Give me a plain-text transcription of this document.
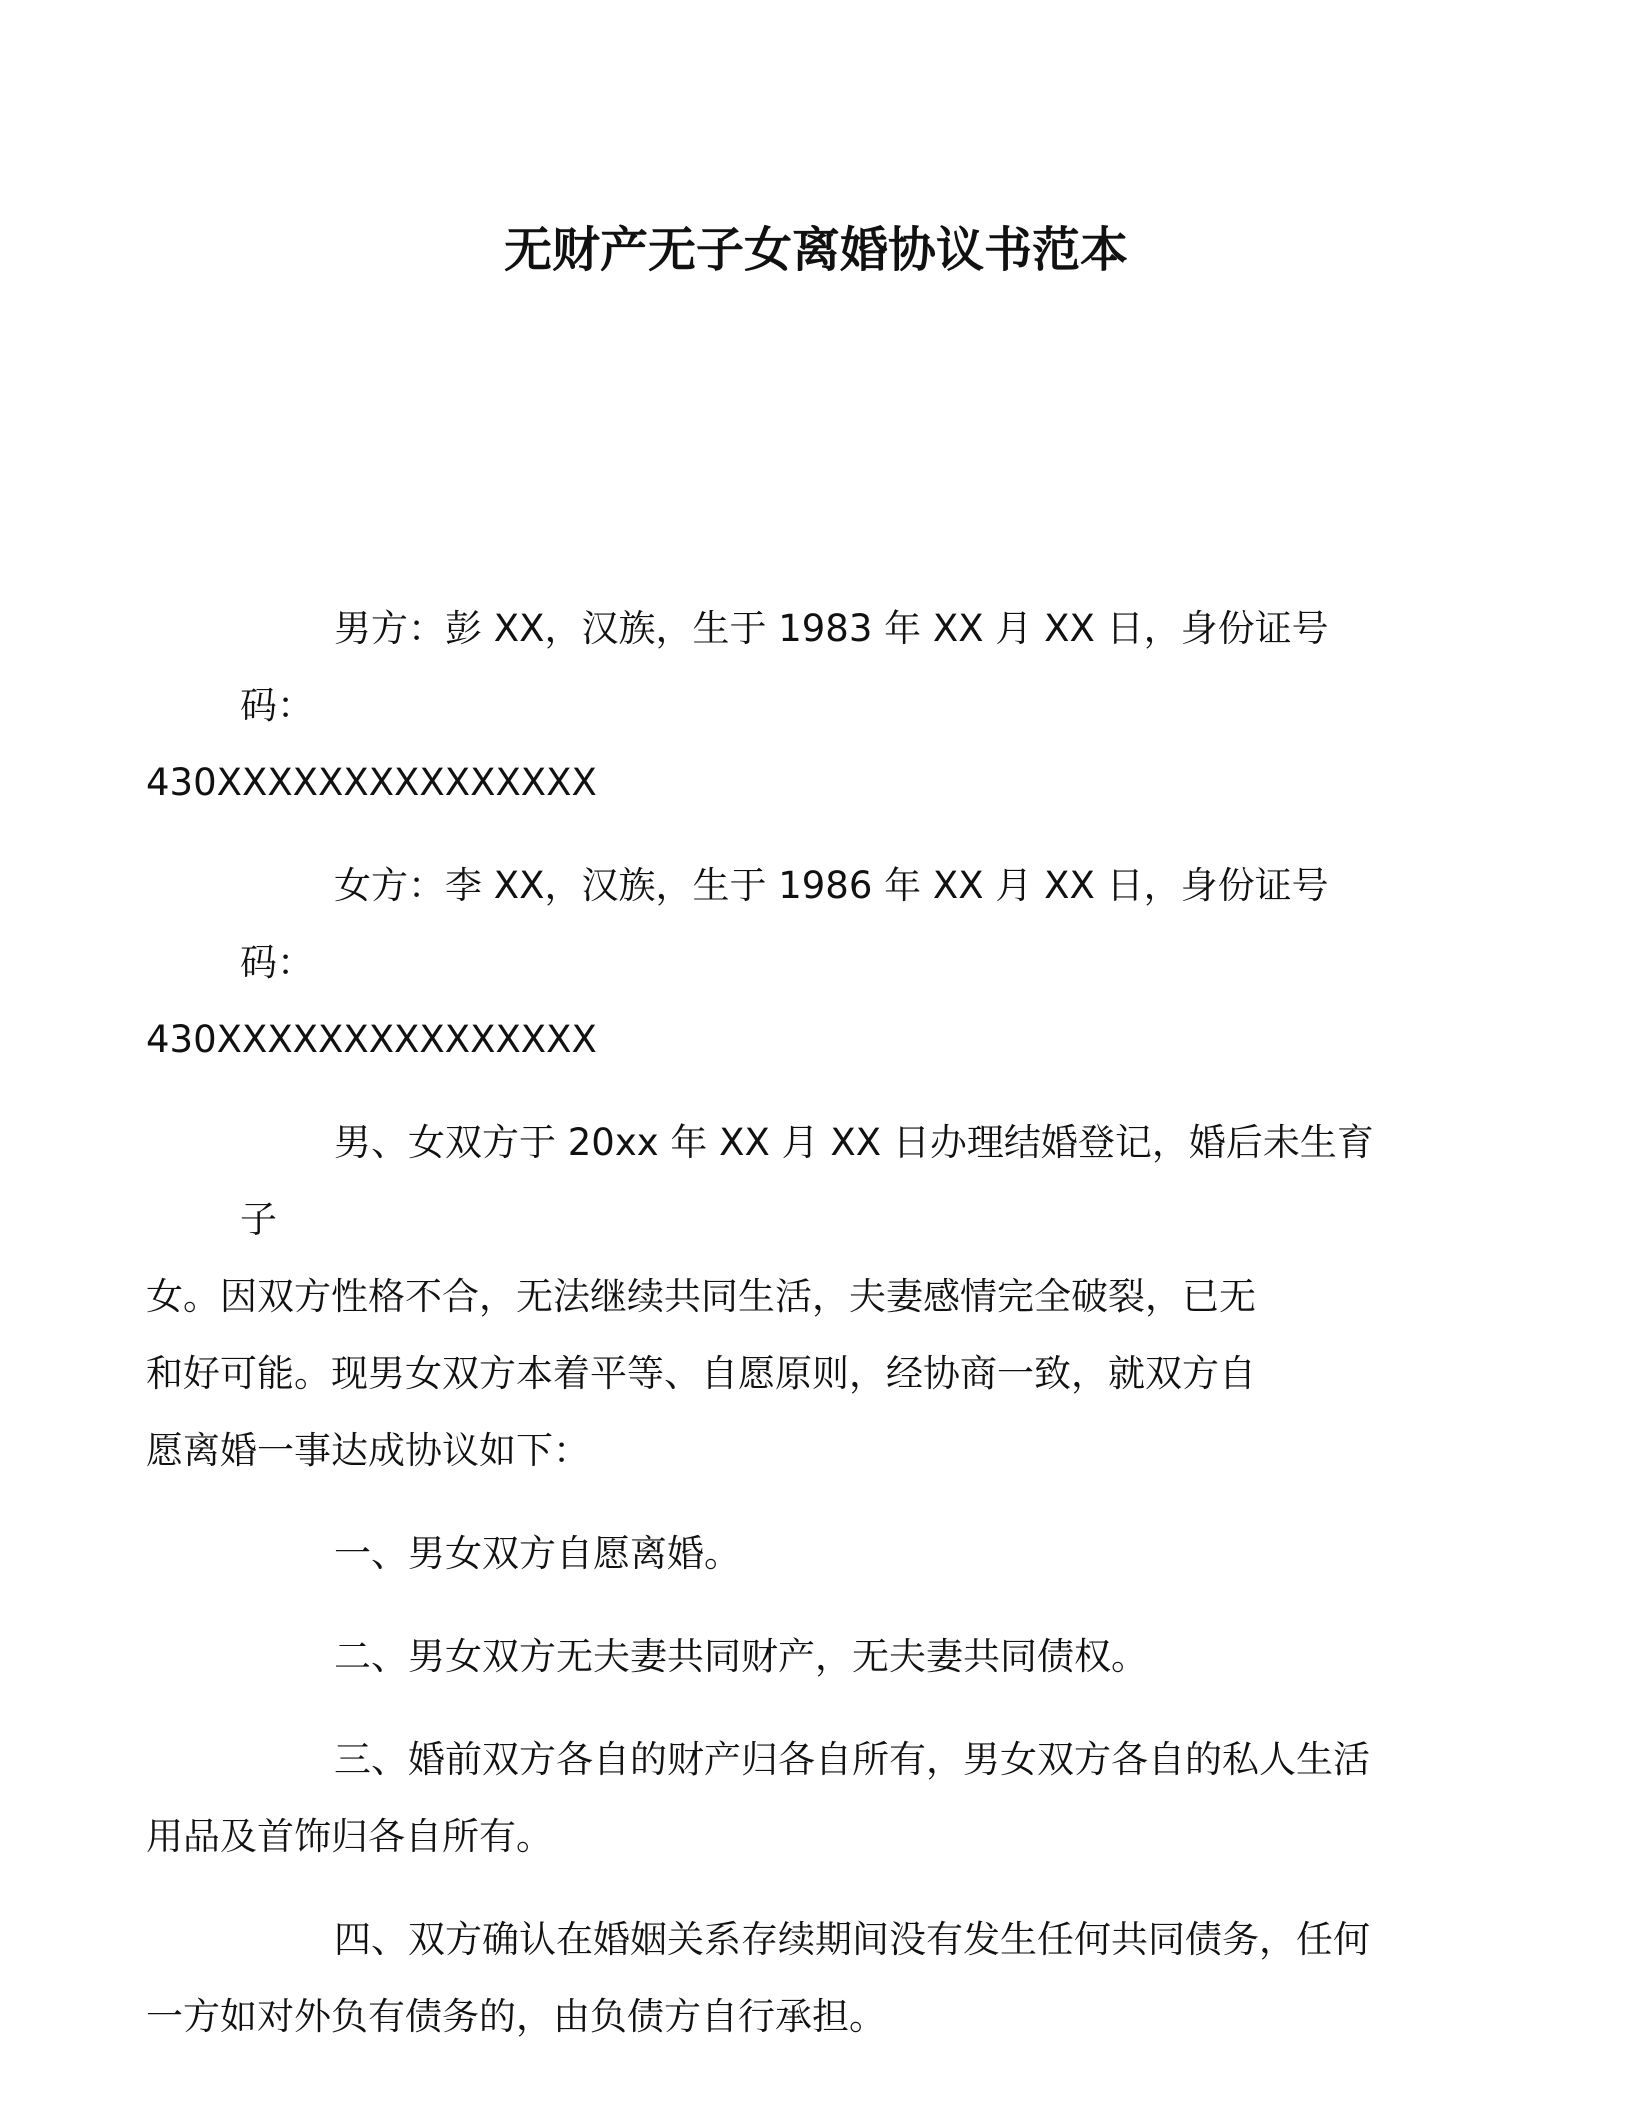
无财产无子女离婚协议书范本
男方：彭 XX，汉族，生于 1983 年 XX 月 XX 日，身份证号码：
430XXXXXXXXXXXXXXX
女方：李 XX，汉族，生于 1986 年 XX 月 XX 日，身份证号码：
430XXXXXXXXXXXXXXX
男、女双方于 20xx 年 XX 月 XX 日办理结婚登记，婚后未生育子
女。因双方性格不合，无法继续共同生活，夫妻感情完全破裂，已无
和好可能。现男女双方本着平等、自愿原则，经协商一致，就双方自
愿离婚一事达成协议如下：
一、男女双方自愿离婚。
二、男女双方无夫妻共同财产，无夫妻共同债权。
三、婚前双方各自的财产归各自所有，男女双方各自的私人生活
用品及首饰归各自所有。
四、双方确认在婚姻关系存续期间没有发生任何共同债务，任何
一方如对外负有债务的，由负债方自行承担。
